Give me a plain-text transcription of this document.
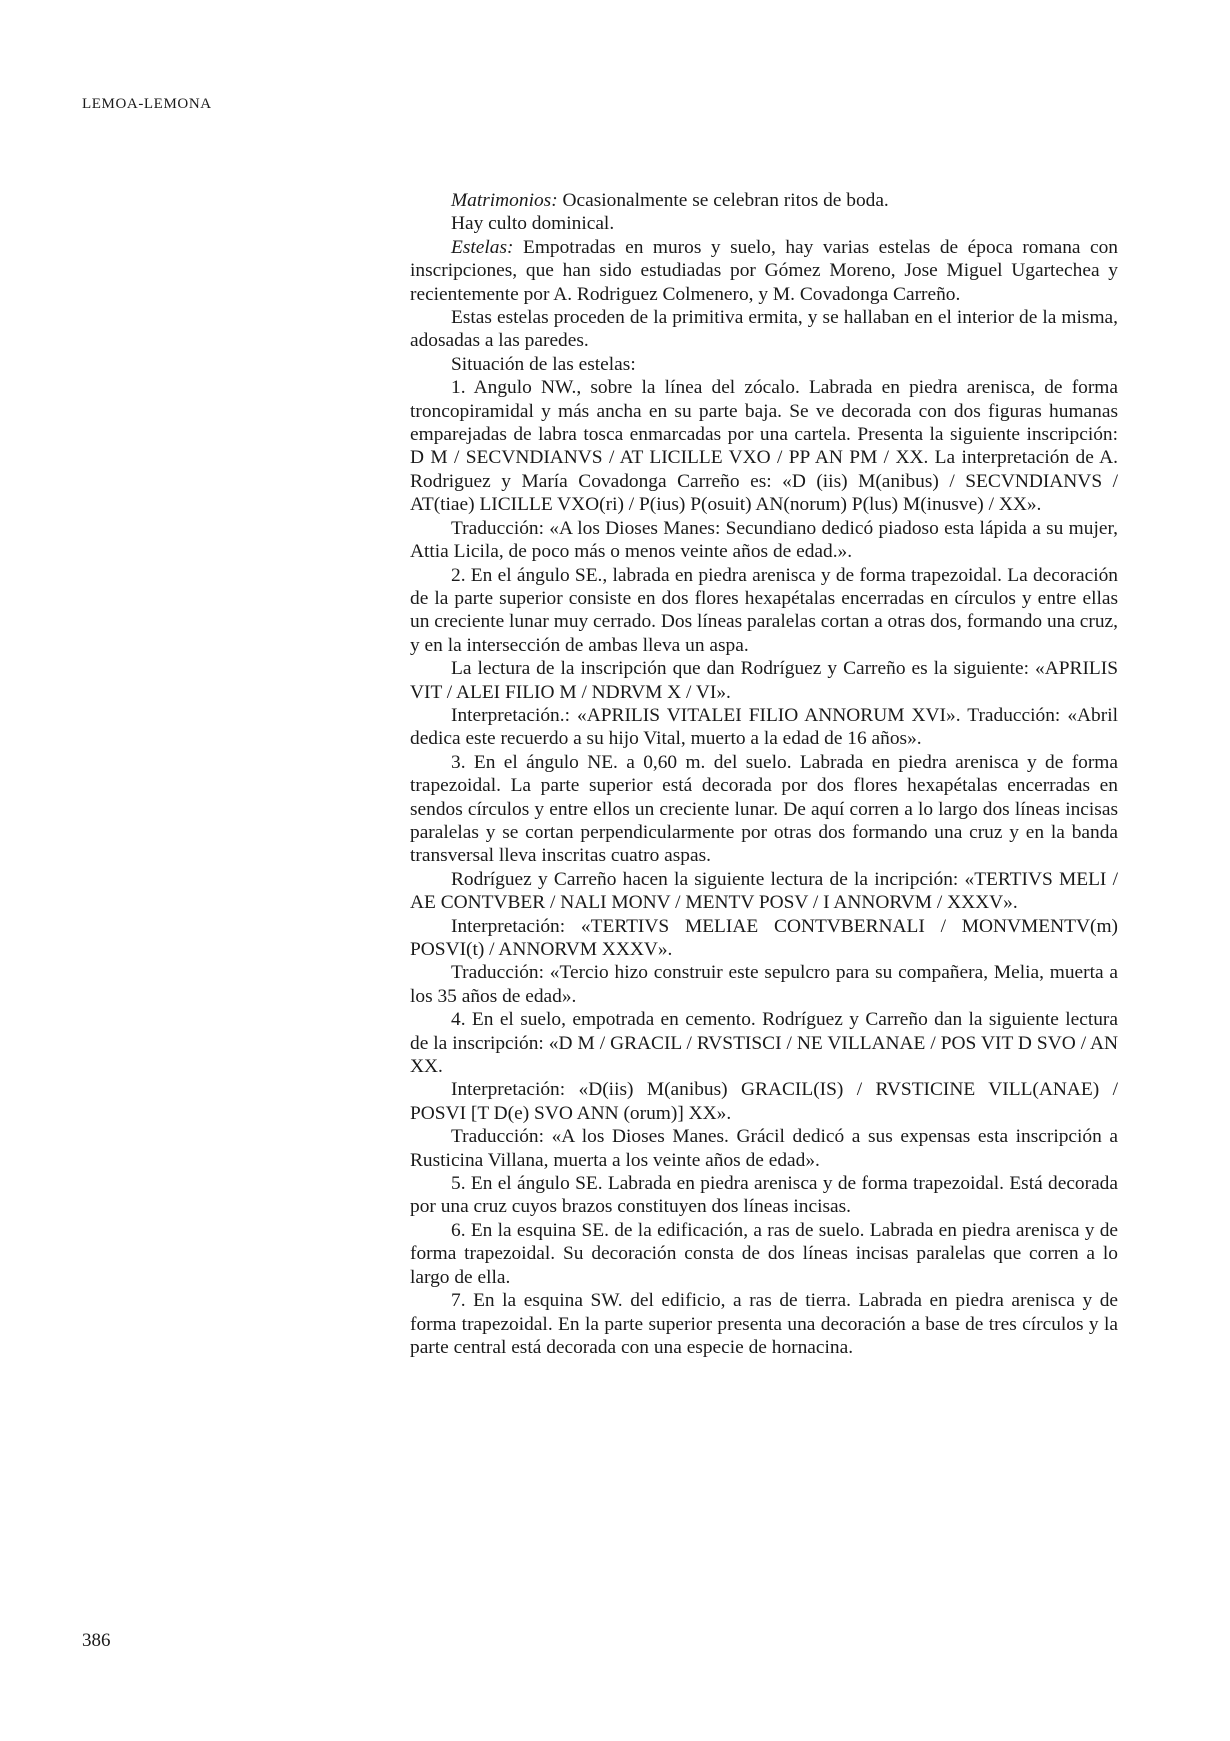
LEMOA-LEMONA

Matrimonios: Ocasionalmente se celebran ritos de boda.

Hay culto dominical.

Estelas: Empotradas en muros y suelo, hay varias estelas de época romana con inscripciones, que han sido estudiadas por Gómez Moreno, Jose Miguel Ugartechea y recientemente por A. Rodriguez Colmenero, y M. Covadonga Carreño.

Estas estelas proceden de la primitiva ermita, y se hallaban en el interior de la misma, adosadas a las paredes.

Situación de las estelas:

1. Angulo NW., sobre la línea del zócalo. Labrada en piedra arenisca, de forma troncopiramidal y más ancha en su parte baja. Se ve decorada con dos figuras humanas emparejadas de labra tosca enmarcadas por una cartela. Presenta la siguiente inscripción: D M / SECVNDIANVS / AT LICILLE VXO / PP AN PM / XX. La interpretación de A. Rodriguez y María Covadonga Carreño es: «D (iis) M(anibus) / SECVNDIANVS / AT(tiae) LICILLE VXO(ri) / P(ius) P(osuit) AN(norum) P(lus) M(inusve) / XX».

Traducción: «A los Dioses Manes: Secundiano dedicó piadoso esta lápida a su mujer, Attia Licila, de poco más o menos veinte años de edad.».

2. En el ángulo SE., labrada en piedra arenisca y de forma trapezoidal. La decoración de la parte superior consiste en dos flores hexapétalas encerradas en círculos y entre ellas un creciente lunar muy cerrado. Dos líneas paralelas cortan a otras dos, formando una cruz, y en la intersección de ambas lleva un aspa.

La lectura de la inscripción que dan Rodríguez y Carreño es la siguiente: «APRILIS VIT / ALEI FILIO M / NDRVM X / VI».

Interpretación.: «APRILIS VITALEI FILIO ANNORUM XVI». Traducción: «Abril dedica este recuerdo a su hijo Vital, muerto a la edad de 16 años».

3. En el ángulo NE. a 0,60 m. del suelo. Labrada en piedra arenisca y de forma trapezoidal. La parte superior está decorada por dos flores hexapétalas encerradas en sendos círculos y entre ellos un creciente lunar. De aquí corren a lo largo dos líneas incisas paralelas y se cortan perpendicularmente por otras dos formando una cruz y en la banda transversal lleva inscritas cuatro aspas.

Rodríguez y Carreño hacen la siguiente lectura de la incripción: «TERTIVS MELI / AE CONTVBER / NALI MONV / MENTV POSV / I ANNORVM / XXXV».

Interpretación: «TERTIVS MELIAE CONTVBERNALI / MONVMENTV(m) POSVI(t) / ANNORVM XXXV».

Traducción: «Tercio hizo construir este sepulcro para su compañera, Melia, muerta a los 35 años de edad».

4. En el suelo, empotrada en cemento. Rodríguez y Carreño dan la siguiente lectura de la inscripción: «D M / GRACIL / RVSTISCI / NE VILLANAE / POS VIT D SVO / AN XX.

Interpretación: «D(iis) M(anibus) GRACIL(IS) / RVSTICINE VILL(ANAE) / POSVI [T D(e) SVO ANN (orum)] XX».

Traducción: «A los Dioses Manes. Grácil dedicó a sus expensas esta inscripción a Rusticina Villana, muerta a los veinte años de edad».

5. En el ángulo SE. Labrada en piedra arenisca y de forma trapezoidal. Está decorada por una cruz cuyos brazos constituyen dos líneas incisas.

6. En la esquina SE. de la edificación, a ras de suelo. Labrada en piedra arenisca y de forma trapezoidal. Su decoración consta de dos líneas incisas paralelas que corren a lo largo de ella.

7. En la esquina SW. del edificio, a ras de tierra. Labrada en piedra arenisca y de forma trapezoidal. En la parte superior presenta una decoración a base de tres círculos y la parte central está decorada con una especie de hornacina.

386
